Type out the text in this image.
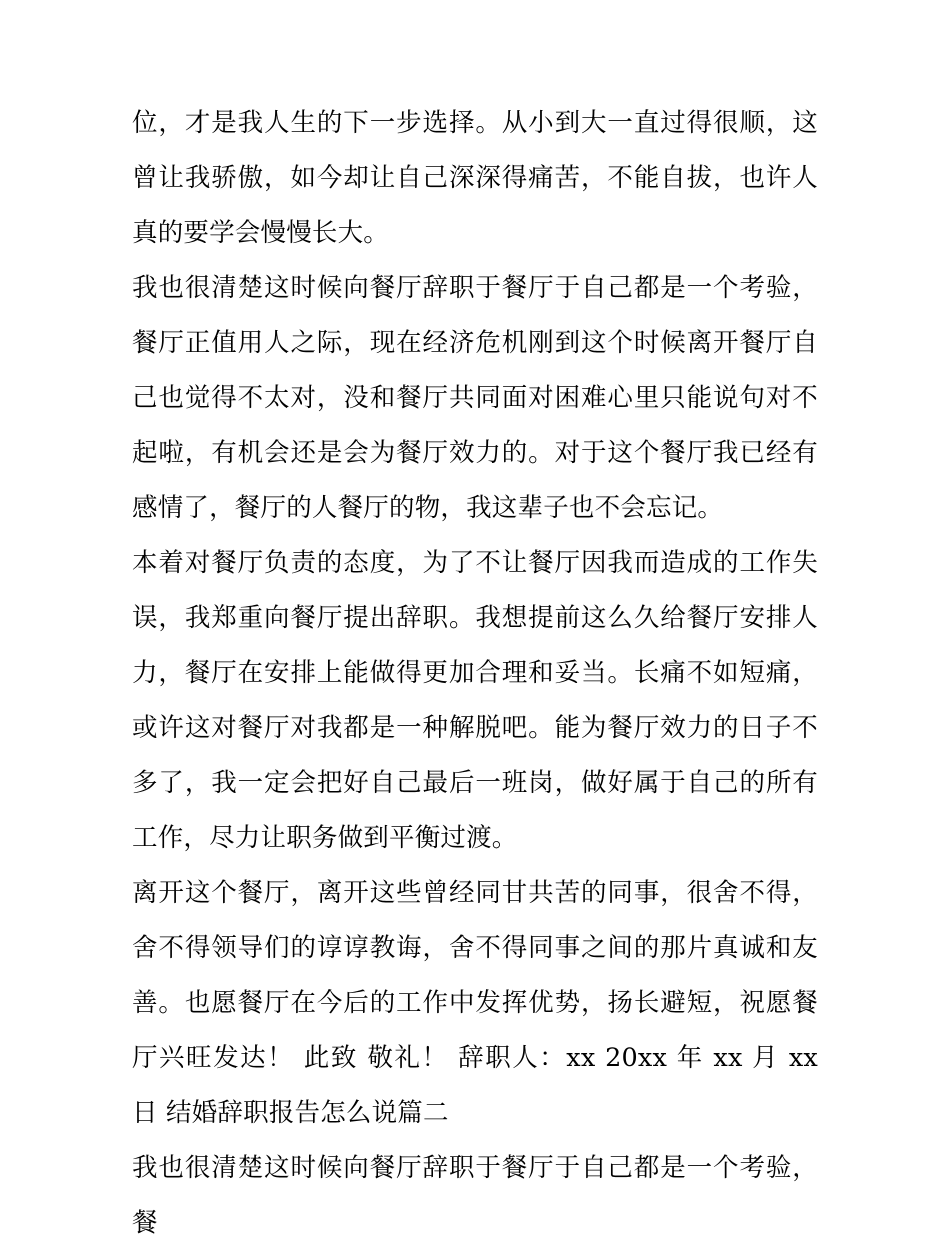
位，才是我人生的下一步选择。从小到大一直过得很顺，这曾让我骄傲，如今却让自己深深得痛苦，不能自拔，也许人真的要学会慢慢长大。

我也很清楚这时候向餐厅辞职于餐厅于自己都是一个考验，餐厅正值用人之际，现在经济危机刚到这个时候离开餐厅自己也觉得不太对，没和餐厅共同面对困难心里只能说句对不起啦，有机会还是会为餐厅效力的。对于这个餐厅我已经有感情了，餐厅的人餐厅的物，我这辈子也不会忘记。

本着对餐厅负责的态度，为了不让餐厅因我而造成的工作失误，我郑重向餐厅提出辞职。我想提前这么久给餐厅安排人力，餐厅在安排上能做得更加合理和妥当。长痛不如短痛，或许这对餐厅对我都是一种解脱吧。能为餐厅效力的日子不多了，我一定会把好自己最后一班岗，做好属于自己的所有工作，尽力让职务做到平衡过渡。

离开这个餐厅，离开这些曾经同甘共苦的同事，很舍不得，舍不得领导们的谆谆教诲，舍不得同事之间的那片真诚和友善。也愿餐厅在今后的工作中发挥优势，扬长避短，祝愿餐厅兴旺发达！ 此致 敬礼！ 辞职人：xx 20xx 年 xx 月 xx 日 结婚辞职报告怎么说篇二

我也很清楚这时候向餐厅辞职于餐厅于自己都是一个考验，餐
